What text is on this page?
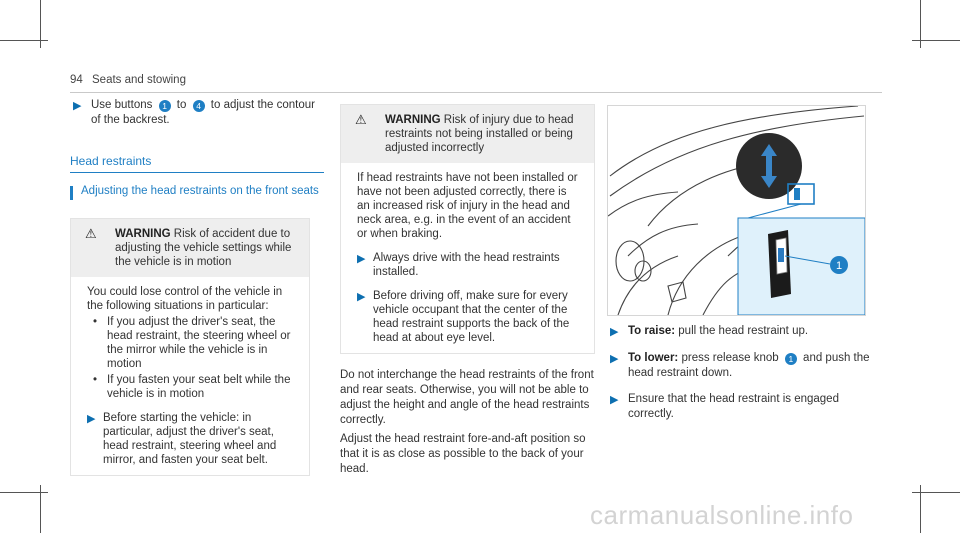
94 Seats and stowing
▶ Use buttons 1 to 4 to adjust the contour of the backrest.
Head restraints
Adjusting the head restraints on the front seats
⚠	WARNING Risk of accident due to adjusting the vehicle settings while the vehicle is in motion
You could lose control of the vehicle in the following situations in particular:
• If you adjust the driver's seat, the head restraint, the steering wheel or the mirror while the vehicle is in motion
• If you fasten your seat belt while the vehicle is in motion
▶ Before starting the vehicle: in particular, adjust the driver's seat, head restraint, steering wheel and mirror, and fasten your seat belt.
⚠	WARNING Risk of injury due to head restraints not being installed or being adjusted incorrectly
If head restraints have not been installed or have not been adjusted correctly, there is an increased risk of injury in the head and neck area, e.g. in the event of an accident or when braking.
▶ Always drive with the head restraints installed.
▶ Before driving off, make sure for every vehicle occupant that the center of the head restraint supports the back of the head at about eye level.

Do not interchange the head restraints of the front and rear seats. Otherwise, you will not be able to adjust the height and angle of the head restraints correctly.

Adjust the head restraint fore-and-aft position so that it is as close as possible to the back of your head.

1
▶ To raise: pull the head restraint up.
▶ To lower: press release knob 1 and push the head restraint down.
▶ Ensure that the head restraint is engaged correctly.
carmanualsonline.info
